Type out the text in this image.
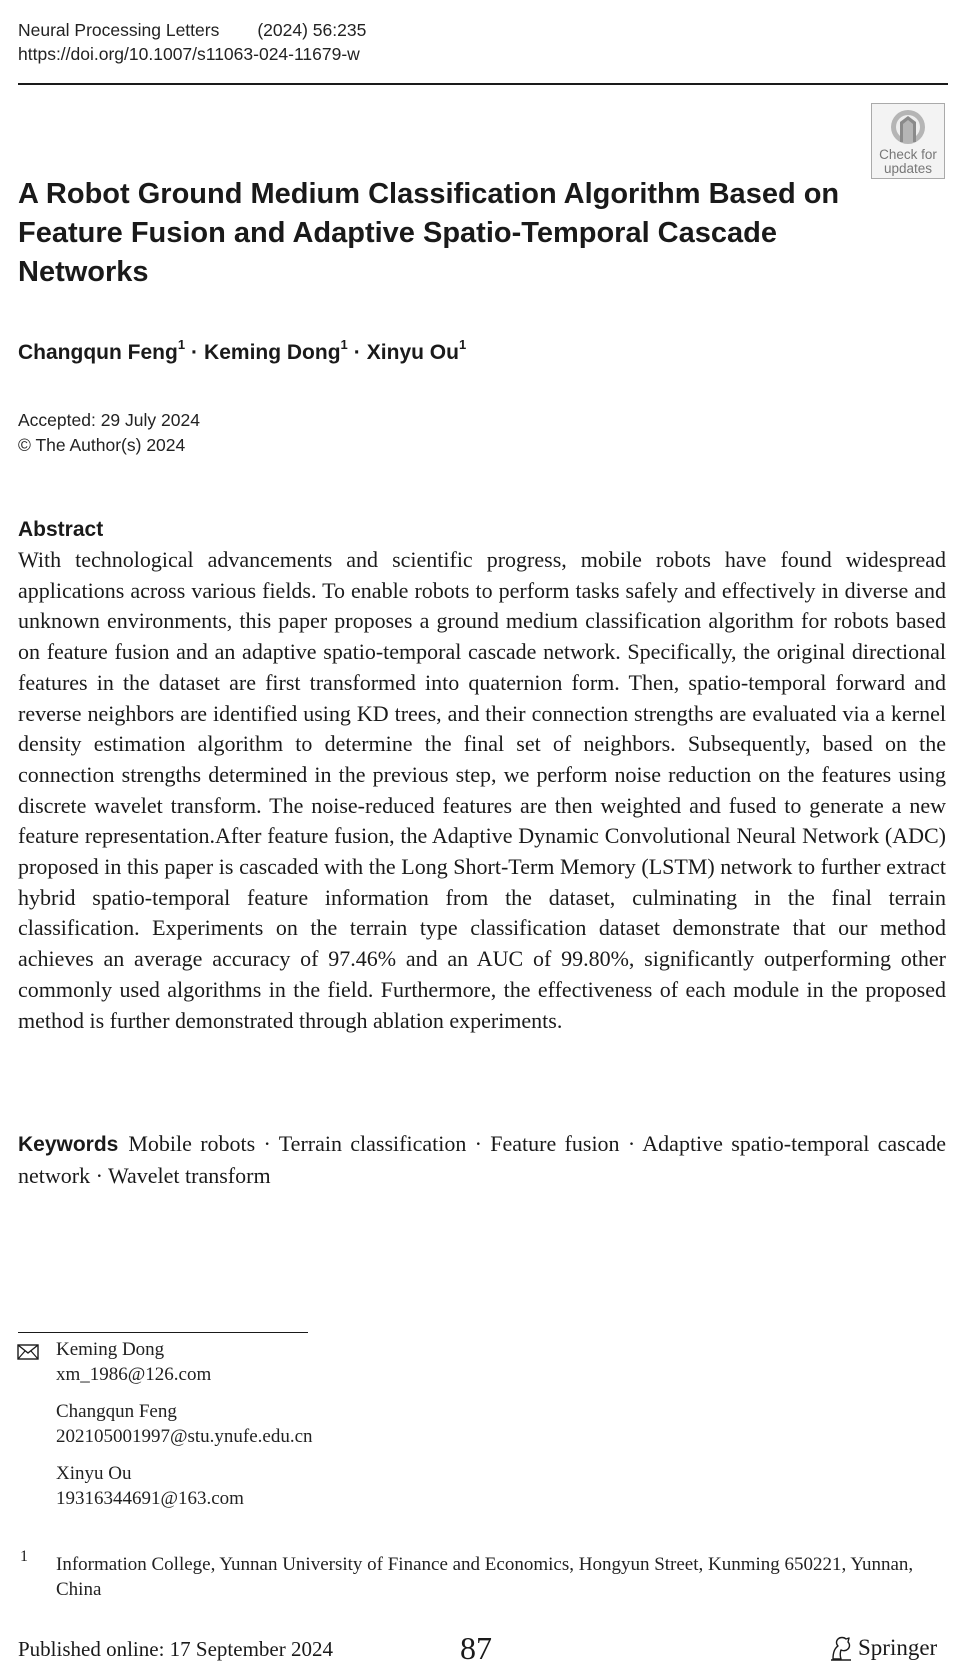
Neural Processing Letters (2024) 56:235
https://doi.org/10.1007/s11063-024-11679-w
Check for
updates
A Robot Ground Medium Classification Algorithm Based on Feature Fusion and Adaptive Spatio-Temporal Cascade Networks
Changqun Feng$^1$ · Keming Dong$^1$ · Xinyu Ou$^1$
Accepted: 29 July 2024
© The Author(s) 2024
Abstract

With technological advancements and scientific progress, mobile robots have found widespread applications across various fields. To enable robots to perform tasks safely and effectively in diverse and unknown environments, this paper proposes a ground medium classification algorithm for robots based on feature fusion and an adaptive spatio-temporal cascade network. Specifically, the original directional features in the dataset are first transformed into quaternion form. Then, spatio-temporal forward and reverse neighbors are identified using KD trees, and their connection strengths are evaluated via a kernel density estimation algorithm to determine the final set of neighbors. Subsequently, based on the connection strengths determined in the previous step, we perform noise reduction on the features using discrete wavelet transform. The noise-reduced features are then weighted and fused to generate a new feature representation.After feature fusion, the Adaptive Dynamic Convolutional Neural Network (ADC) proposed in this paper is cascaded with the Long Short-Term Memory (LSTM) network to further extract hybrid spatio-temporal feature information from the dataset, culminating in the final terrain classification. Experiments on the terrain type classification dataset demonstrate that our method achieves an average accuracy of 97.46% and an AUC of 99.80%, significantly outperforming other commonly used algorithms in the field. Furthermore, the effectiveness of each module in the proposed method is further demonstrated through ablation experiments.

Keywords Mobile robots · Terrain classification · Feature fusion · Adaptive spatio-temporal cascade network · Wavelet transform

Keming Dong
xm_1986@126.com
Changqun Feng
202105001997@stu.ynufe.edu.cn
Xinyu Ou
19316344691@163.com
1 Information College, Yunnan University of Finance and Economics, Hongyun Street, Kunming 650221, Yunnan, China
Published online: 17 September 2024	87	Springer
